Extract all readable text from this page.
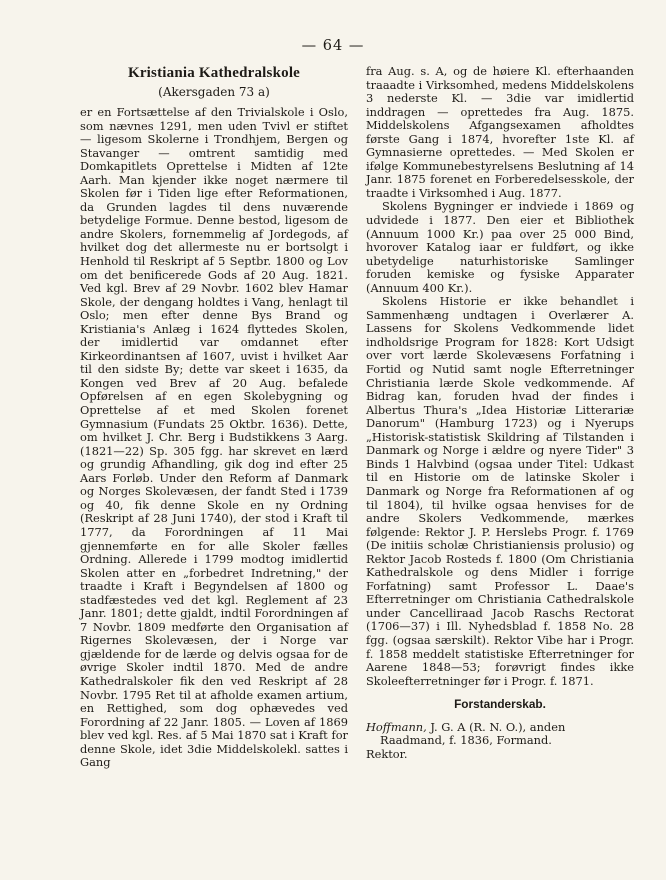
— 64 —
Kristiania Kathedralskole
(Akersgaden 73 a)

er en Fortsættelse af den Trivialskole i Oslo, som nævnes 1291, men uden Tvivl er stiftet — ligesom Skolerne i Trondhjem, Bergen og Stavanger — omtrent samtidig med Domkapitlets Oprettelse i Midten af 12te Aarh. Man kjender ikke noget nærmere til Skolen før i Tiden lige efter Reformationen, da Grunden lagdes til dens nuværende betydelige Formue. Denne bestod, ligesom de andre Skolers, fornemmelig af Jordegods, af hvilket dog det allermeste nu er bortsolgt i Henhold til Reskript af 5 Septbr. 1800 og Lov om det benificerede Gods af 20 Aug. 1821. Ved kgl. Brev af 29 Novbr. 1602 blev Hamar Skole, der dengang holdtes i Vang, henlagt til Oslo; men efter denne Bys Brand og Kristiania's Anlæg i 1624 flyttedes Skolen, der imidlertid var omdannet efter Kirkeordinantsen af 1607, uvist i hvilket Aar til den sidste By; dette var skeet i 1635, da Kongen ved Brev af 20 Aug. befalede Opførelsen af en egen Skolebygning og Oprettelse af et med Skolen forenet Gymnasium (Fundats 25 Oktbr. 1636). Dette, om hvilket J. Chr. Berg i Budstikkens 3 Aarg. (1821—22) Sp. 305 fgg. har skrevet en lærd og grundig Afhandling, gik dog ind efter 25 Aars Forløb. Under den Reform af Danmark og Norges Skolevæsen, der fandt Sted i 1739 og 40, fik denne Skole en ny Ordning (Reskript af 28 Juni 1740), der stod i Kraft til 1777, da Forordningen af 11 Mai gjennemførte en for alle Skoler fælles Ordning. Allerede i 1799 modtog imidlertid Skolen atter en „forbedret Indretning," der traadte i Kraft i Begyndelsen af 1800 og stadfæstedes ved det kgl. Reglement af 23 Janr. 1801; dette gjaldt, indtil Forordningen af 7 Novbr. 1809 medførte den Organisation af Rigernes Skolevæsen, der i Norge var gjældende for de lærde og delvis ogsaa for de øvrige Skoler indtil 1870. Med de andre Kathedralskoler fik den ved Reskript af 28 Novbr. 1795 Ret til at afholde examen artium, en Rettighed, som dog ophævedes ved Forordning af 22 Janr. 1805. — Loven af 1869 blev ved kgl. Res. af 5 Mai 1870 sat i Kraft for denne Skole, idet 3die Middelskolekl. sattes i Gang

fra Aug. s. A, og de høiere Kl. efterhaanden traaadte i Virksomhed, medens Middelskolens 3 nederste Kl. — 3die var imidlertid inddragen — oprettedes fra Aug. 1875. Middelskolens Afgangsexamen afholdtes første Gang i 1874, hvorefter 1ste Kl. af Gymnasierne oprettedes. — Med Skolen er ifølge Kommunebestyrelsens Beslutning af 14 Janr. 1875 forenet en Forberedelsesskole, der traadte i Virksomhed i Aug. 1877.

Skolens Bygninger er indviede i 1869 og udvidede i 1877. Den eier et Bibliothek (Annuum 1000 Kr.) paa over 25 000 Bind, hvorover Katalog iaar er fuldført, og ikke ubetydelige naturhistoriske Samlinger foruden kemiske og fysiske Apparater (Annuum 400 Kr.).

Skolens Historie er ikke behandlet i Sammenhæng undtagen i Overlærer A. Lassens for Skolens Vedkommende lidet indholdsrige Program for 1828: Kort Udsigt over vort lærde Skolevæsens Forfatning i Fortid og Nutid samt nogle Efterretninger Christiania lærde Skole vedkommende. Af Bidrag kan, foruden hvad der findes i Albertus Thura's „Idea Historiæ Litterariæ Danorum" (Hamburg 1723) og i Nyerups „Historisk-statistisk Skildring af Tilstanden i Danmark og Norge i ældre og nyere Tider" 3 Binds 1 Halvbind (ogsaa under Titel: Udkast til en Historie om de latinske Skoler i Danmark og Norge fra Reformationen af og til 1804), til hvilke ogsaa henvises for de andre Skolers Vedkommende, mærkes følgende: Rektor J. P. Herslebs Progr. f. 1769 (De initiis scholæ Christianiensis prolusio) og Rektor Jacob Rosteds f. 1800 (Om Christiania Kathedralskole og dens Midler i forrige Forfatning) samt Professor L. Daae's Efterretninger om Christiania Cathedralskole under Cancelliraad Jacob Raschs Rectorat (1706—37) i Ill. Nyhedsblad f. 1858 No. 28 fgg. (ogsaa særskilt). Rektor Vibe har i Progr. f. 1858 meddelt statistiske Efterretninger for Aarene 1848—53; forøvrigt findes ikke Skoleefterretninger før i Progr. f. 1871.

Forstanderskab.

Hoffmann, J. G. A (R. N. O.), anden Raadmand, f. 1836, Formand.

Rektor.
